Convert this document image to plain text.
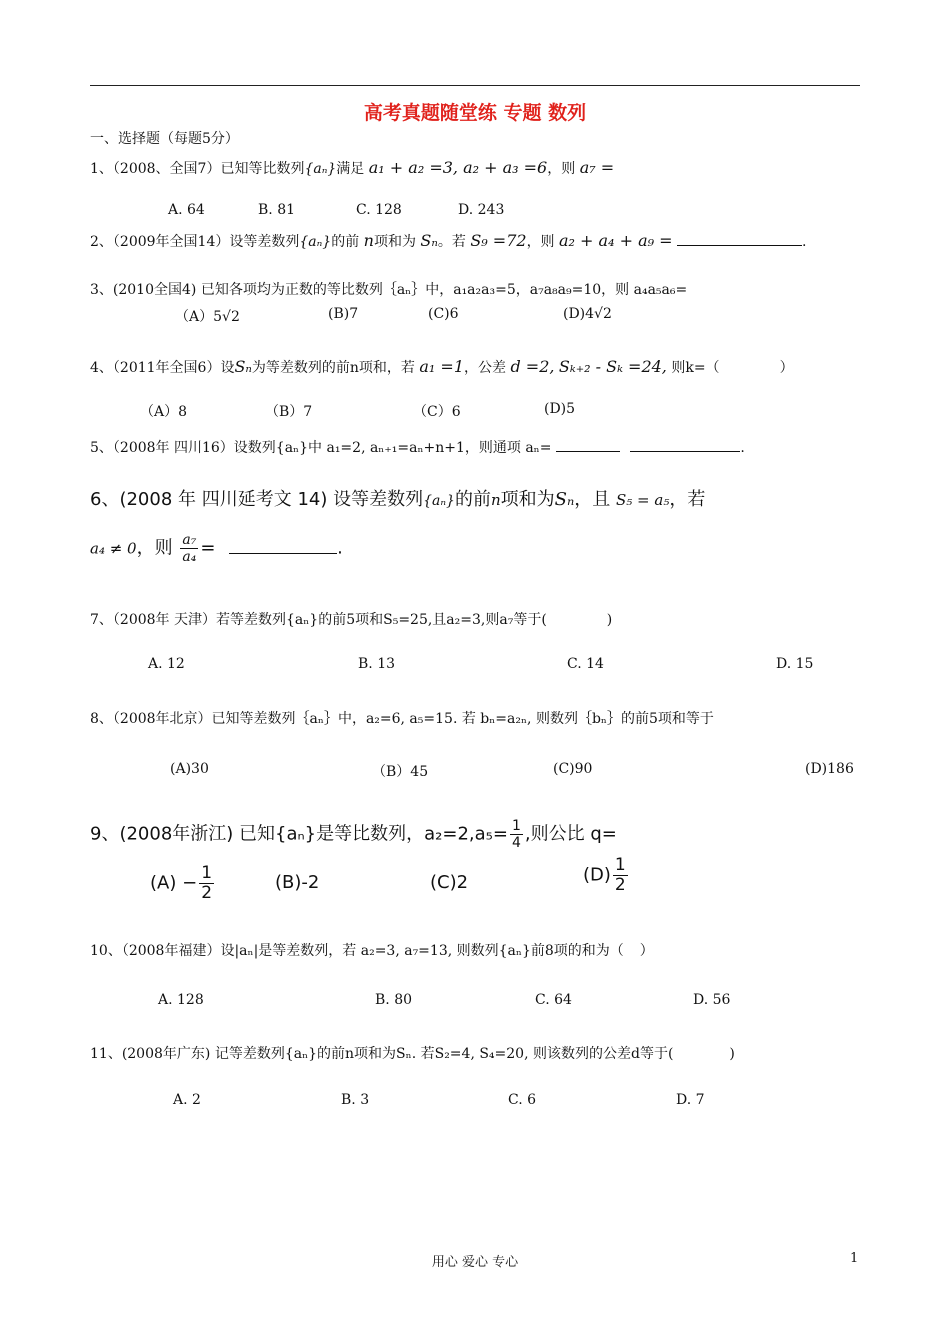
高考真题随堂练 专题 数列
一、选择题（每题5分）
1、（2008、全国7）已知等比数列{aₙ}满足 a₁ + a₂ =3, a₂ + a₃ =6，则 a₇ =
A. 64	B. 81	C. 128	D. 243
2、（2009年全国14）设等差数列{aₙ}的前 n项和为 Sₙ。若 S₉ =72，则 a₂ + a₄ + a₉ =	.
3、(2010全国4) 已知各项均为正数的等比数列｛aₙ｝中，a₁a₂a₃=5，a₇a₈a₉=10，则 a₄a₅a₆=
（A）5√2	(B)7	(C)6	(D)4√2
4、（2011年全国6）设Sₙ为等差数列的前n项和，若 a₁ =1，公差 d =2, Sₖ₊₂ - Sₖ =24, 则k=（	）
（A）8	（B）7	（C）6	(D)5
5、（2008年 四川16）设数列{aₙ}中 a₁=2, aₙ₊₁=aₙ+n+1，则通项 aₙ=	.
6、(2008 年 四川延考文 14) 设等差数列{aₙ}的前n项和为Sₙ，且 S₅ = a₅，若
a₄ ≠ 0，则 $\frac{\text{a₇}}{\text{a₄}}$ =	.
7、（2008年 天津）若等差数列{aₙ}的前5项和S₅=25,且a₂=3,则a₇等于(	)
A. 12	B. 13	C. 14	D. 15
8、（2008年北京）已知等差数列｛aₙ｝中，a₂=6, a₅=15. 若 bₙ=a₂ₙ, 则数列｛bₙ｝的前5项和等于
(A)30	（B）45	(C)90	(D)186
9、(2008年浙江) 已知{aₙ}是等比数列，$a_2=2,a_5= \frac{1}{4}$ ,则公比 q=
$(A) - \frac{1}{2}$	(B)-2	(C)2	$(D) \frac{1}{2}$
10、（2008年福建）设|aₙ|是等差数列，若 a₂=3, a₇=13, 则数列{aₙ}前8项的和为（ ）
A. 128	B. 80	C. 64	D. 56
11、(2008年广东) 记等差数列{aₙ}的前n项和为Sₙ. 若S₂=4, S₄=20, 则该数列的公差d等于(	)
A. 2	B. 3	C. 6	D. 7
用心 爱心 专心	1
